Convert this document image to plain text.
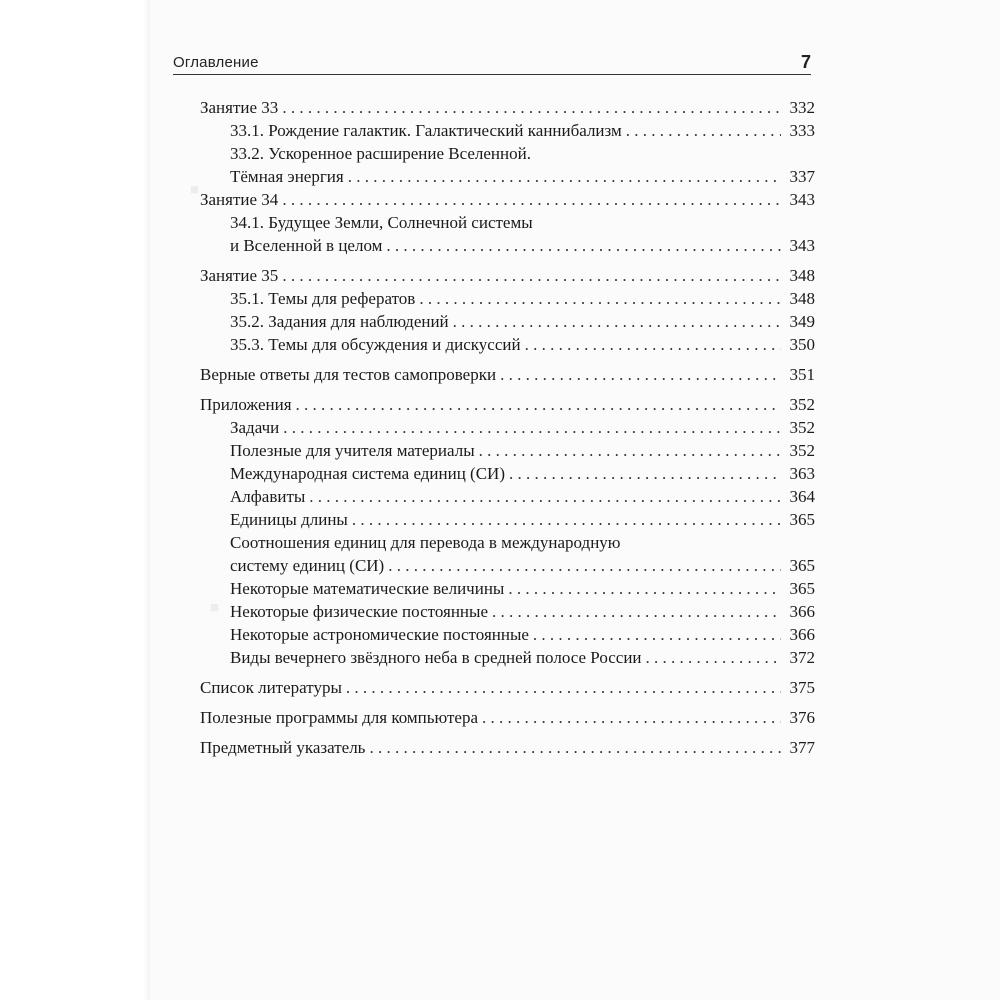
Оглавление	7
■
■
Занятие 33 . . .	332
33.1. Рождение галактик. Галактический каннибализм . . .	333
33.2. Ускоренное расширение Вселенной.
Тёмная энергия . . .	337
Занятие 34 . . .	343
34.1. Будущее Земли, Солнечной системы
и Вселенной в целом . . .	343
Занятие 35 . . .	348
35.1. Темы для рефератов . . .	348
35.2. Задания для наблюдений . . .	349
35.3. Темы для обсуждения и дискуссий . . .	350
Верные ответы для тестов самопроверки . . .	351
Приложения . . .	352
Задачи . . .	352
Полезные для учителя материалы . . .	352
Международная система единиц (СИ) . . .	363
Алфавиты . . .	364
Единицы длины . . .	365
Соотношения единиц для перевода в международную
систему единиц (СИ) . . .	365
Некоторые математические величины . . .	365
Некоторые физические постоянные . . .	366
Некоторые астрономические постоянные . . .	366
Виды вечернего звёздного неба в средней полосе России . . .	372
Список литературы . . .	375
Полезные программы для компьютера . . .	376
Предметный указатель . . .	377
